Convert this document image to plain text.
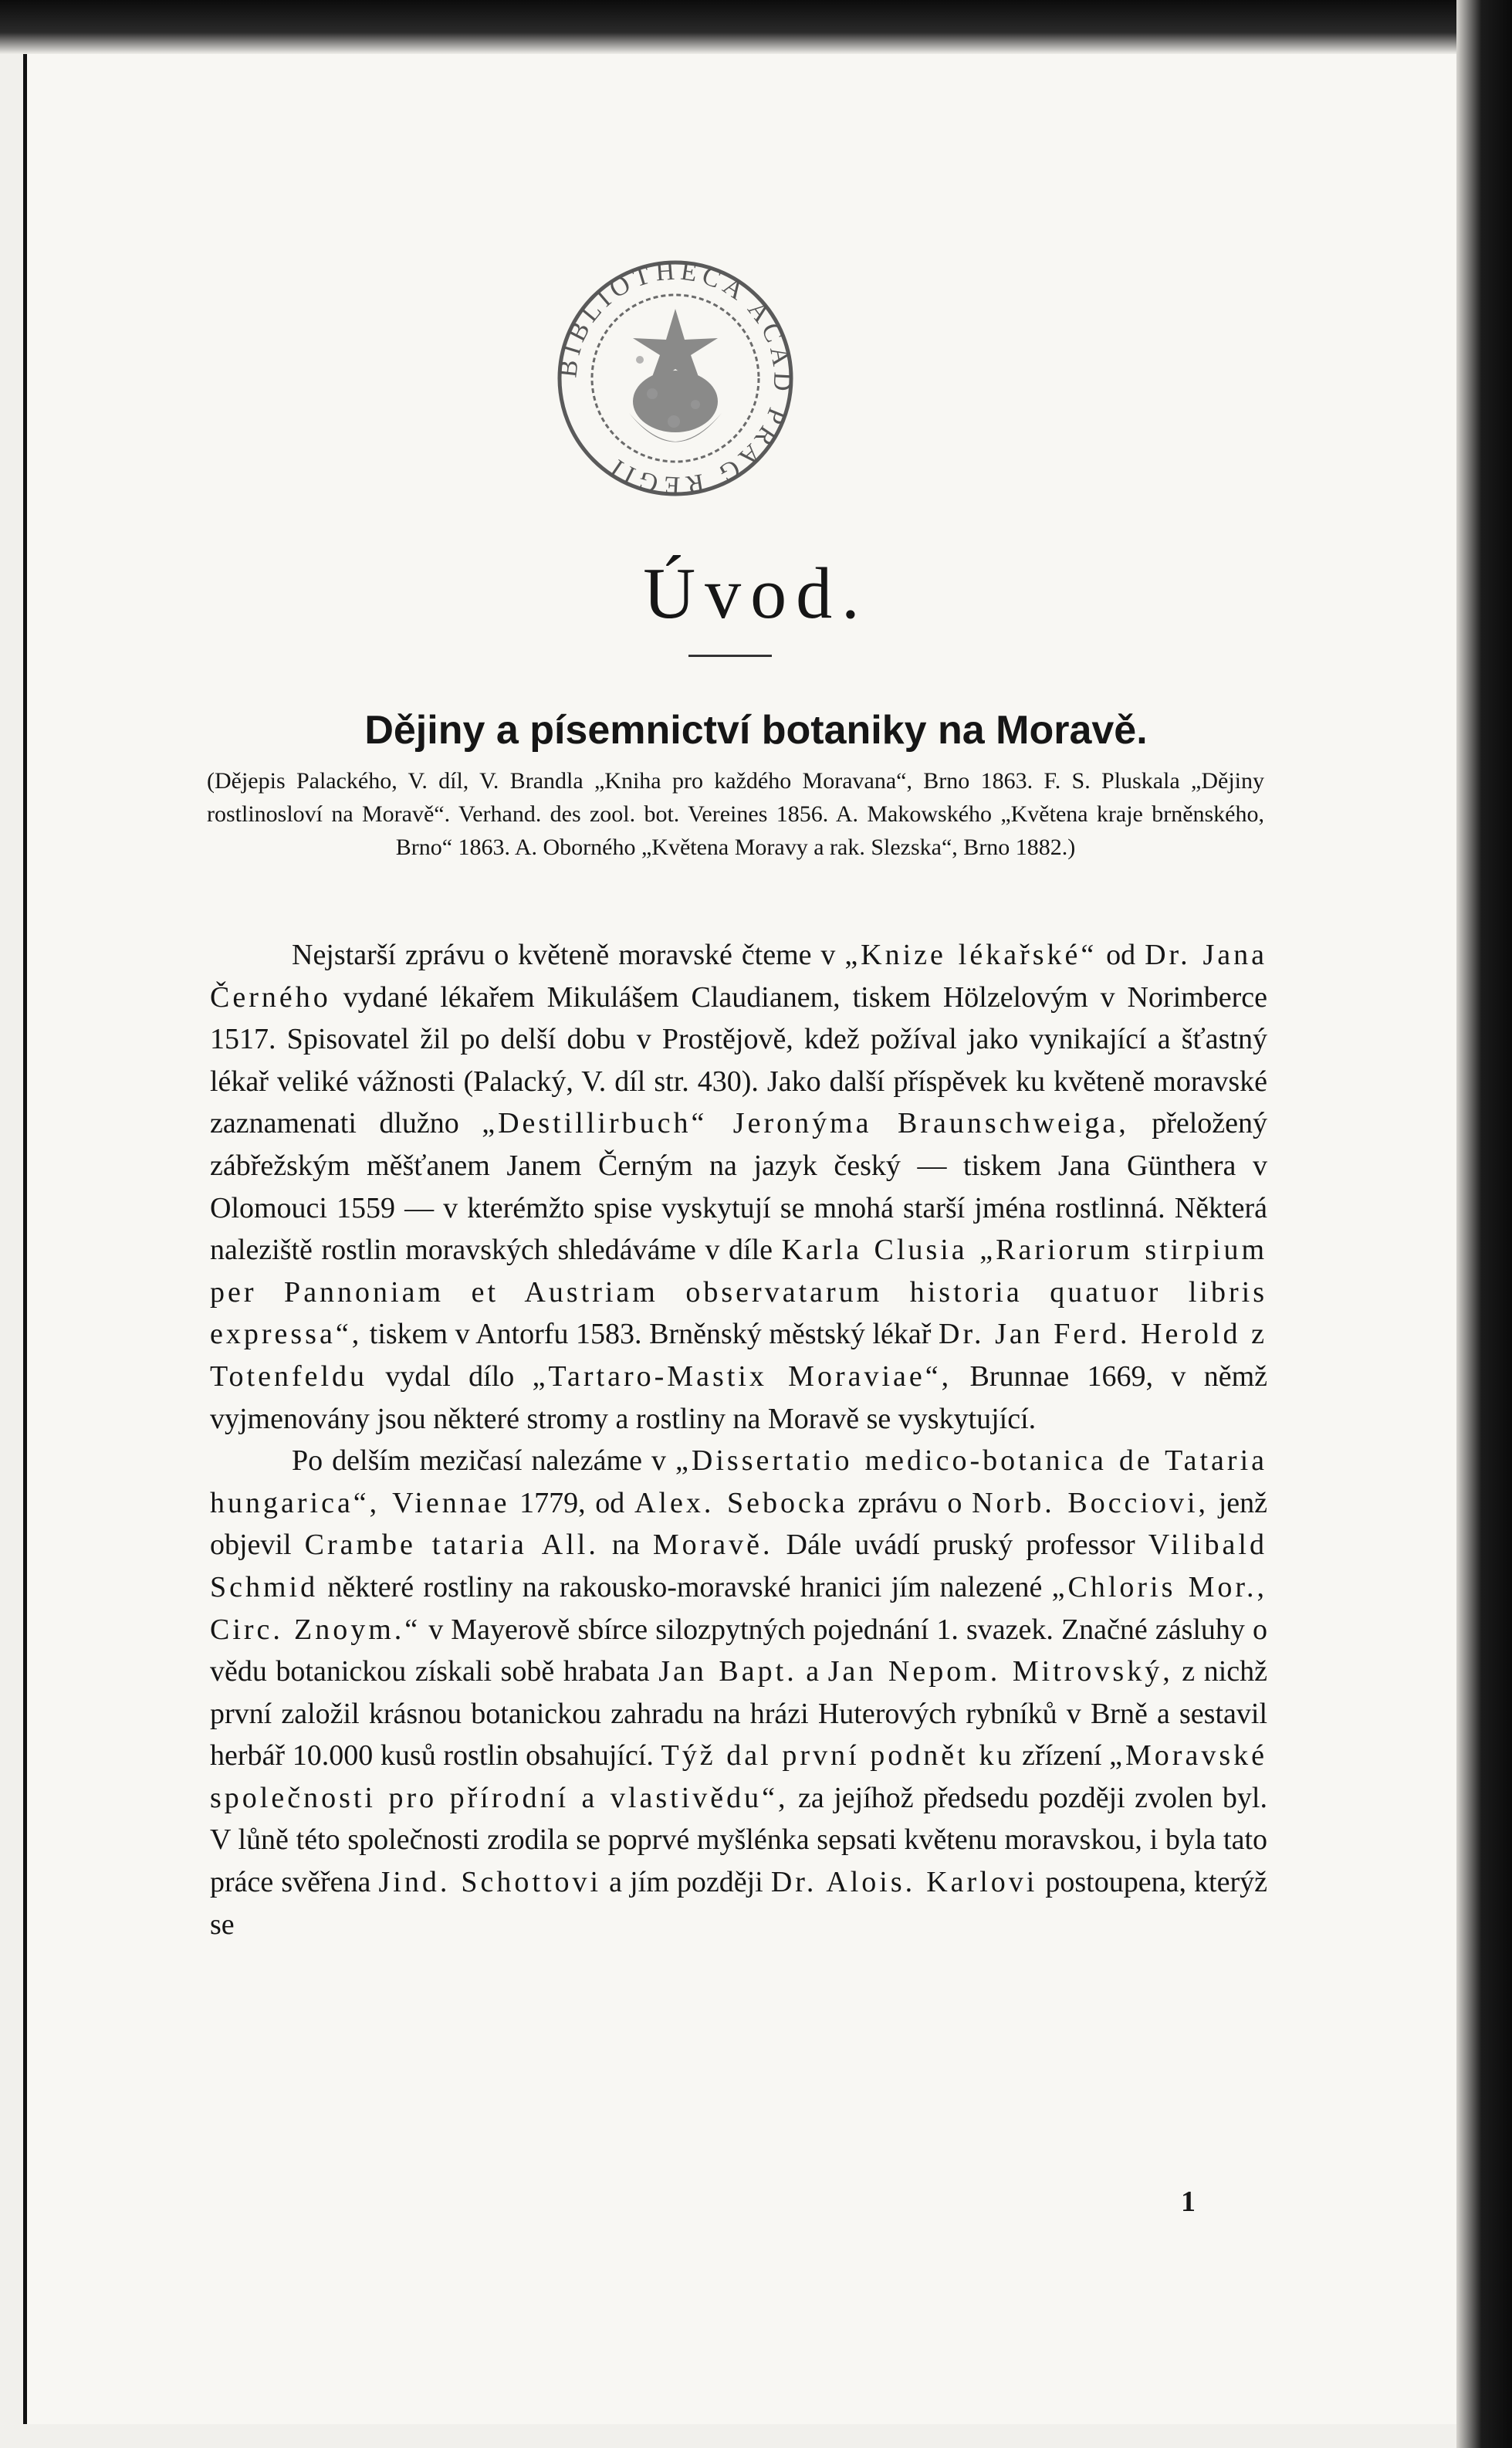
BIBLIOTHECA ACAD PRAG REGII
Úvod.
Dějiny a písemnictví botaniky na Moravě.
(Dějepis Palackého, V. díl, V. Brandla „Kniha pro každého Moravana“, Brno 1863. F. S. Pluskala „Dějiny rostlinosloví na Moravě“. Verhand. des zool. bot. Vereines 1856. A. Makowského „Květena kraje brněnského, Brno“ 1863. A. Oborného „Květena Moravy a rak. Slezska“, Brno 1882.)

Nejstarší zprávu o květeně moravské čteme v „Knize lékařské“ od Dr. Jana Černého vydané lékařem Mikulášem Claudianem, tiskem Hölzelovým v Norimberce 1517. Spisovatel žil po delší dobu v Prostějově, kdež požíval jako vynikající a šťastný lékař veliké vážnosti (Palacký, V. díl str. 430). Jako další příspěvek ku květeně moravské zaznamenati dlužno „Destillirbuch“ Jeronýma Braunschweiga, přeložený zábřežským měšťanem Janem Černým na jazyk český — tiskem Jana Günthera v Olomouci 1559 — v kterémžto spise vyskytují se mnohá starší jména rostlinná. Některá naleziště rostlin moravských shledáváme v díle Karla Clusia „Rariorum stirpium per Pannoniam et Austriam observatarum historia quatuor libris expressa“, tiskem v Antorfu 1583. Brněnský městský lékař Dr. Jan Ferd. Herold z Totenfeldu vydal dílo „Tartaro-Mastix Moraviae“, Brunnae 1669, v němž vyjmenovány jsou některé stromy a rostliny na Moravě se vyskytující.

Po delším mezičasí nalezáme v „Dissertatio medico-botanica de Tataria hungarica“, Viennae 1779, od Alex. Sebocka zprávu o Norb. Bocciovi, jenž objevil Crambe tataria All. na Moravě. Dále uvádí pruský professor Vilibald Schmid některé rostliny na rakousko-moravské hranici jím nalezené „Chloris Mor., Circ. Znoym.“ v Mayerově sbírce silozpytných pojednání 1. svazek. Značné zásluhy o vědu botanickou získali sobě hrabata Jan Bapt. a Jan Nepom. Mitrovský, z nichž první založil krásnou botanickou zahradu na hrázi Huterových rybníků v Brně a sestavil herbář 10.000 kusů rostlin obsahující. Týž dal první podnět ku zřízení „Moravské společnosti pro přírodní a vlastivědu“, za jejíhož předsedu později zvolen byl. V lůně této společnosti zrodila se poprvé myšlénka sepsati květenu moravskou, i byla tato práce svěřena Jind. Schottovi a jím později Dr. Alois. Karlovi postoupena, kterýž se

1
